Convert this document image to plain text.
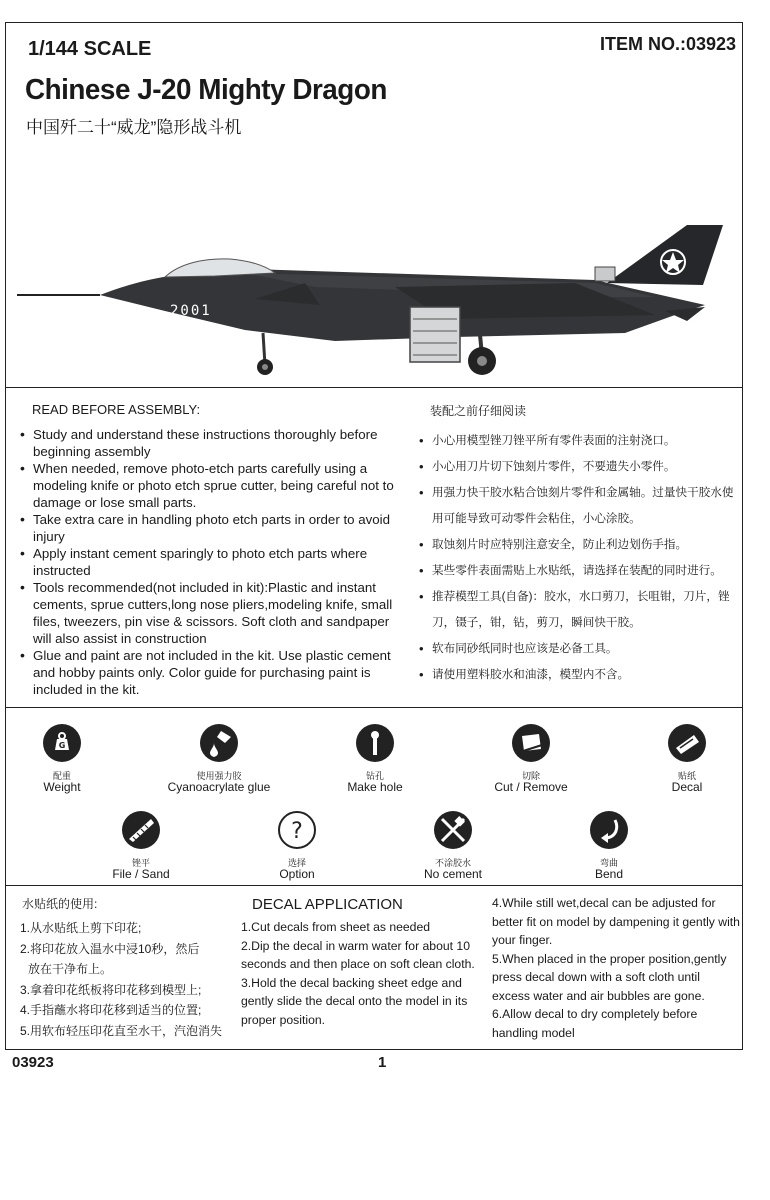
1/144 SCALE	ITEM NO.:03923
Chinese J-20 Mighty Dragon
中国歼二十“威龙”隐形战斗机
2001
READ BEFORE ASSEMBLY:
• Study and understand these instructions thoroughly before beginning assembly
• When needed, remove photo-etch parts carefully using a modeling knife or photo etch sprue cutter, being careful not to damage or lose small parts.
• Take extra care in handling photo etch parts in order to avoid injury
• Apply instant cement sparingly to photo etch parts where instructed
• Tools recommended(not included in kit):Plastic and instant cements, sprue cutters,long nose pliers,modeling knife, small files, tweezers, pin vise & scissors. Soft cloth and sandpaper will also assist in construction
• Glue and paint are not included in the kit. Use plastic cement and hobby paints only. Color guide for purchasing paint is included in the kit.
装配之前仔细阅读
• 小心用模型锉刀锉平所有零件表面的注射浇口。
• 小心用刀片切下蚀刻片零件，不要遗失小零件。
• 用强力快干胶水粘合蚀刻片零件和金属轴。过量快干胶水使用可能导致可动零件会粘住，小心涂胶。
• 取蚀刻片时应特别注意安全，防止利边划伤手指。
• 某些零件表面需贴上水贴纸，请选择在装配的同时进行。
• 推荐模型工具(自备)：胶水，水口剪刀，长咀钳，刀片，锉刀，镊子，钳，钻，剪刀，瞬间快干胶。
• 软布同砂纸同时也应该是必备工具。
• 请使用塑料胶水和油漆，模型内不含。
G
配重
Weight
使用强力胶
Cyanoacrylate glue
钻孔
Make hole
切除
Cut / Remove
贴纸
Decal
锉平
File / Sand
?
选择
Option
不涂胶水
No cement
弯曲
Bend
水贴纸的使用:
1.从水贴纸上剪下印花;
2.将印花放入温水中浸10秒，然后
放在干净布上。
3.拿着印花纸板将印花移到模型上;
4.手指蘸水将印花移到适当的位置;
5.用软布轻压印花直至水干，汽泡消失
DECAL APPLICATION
1.Cut decals from sheet as needed
2.Dip the decal in warm water for about 10 seconds and then place on soft clean cloth.
3.Hold the decal backing sheet edge and gently slide the decal onto the model in its proper position.
4.While still wet,decal can be adjusted for better fit on model by dampening it gently with your finger.
5.When placed in the proper position,gently press decal down with a soft cloth until excess water and air bubbles are gone.
6.Allow decal to dry completely before handling model
03923	1
